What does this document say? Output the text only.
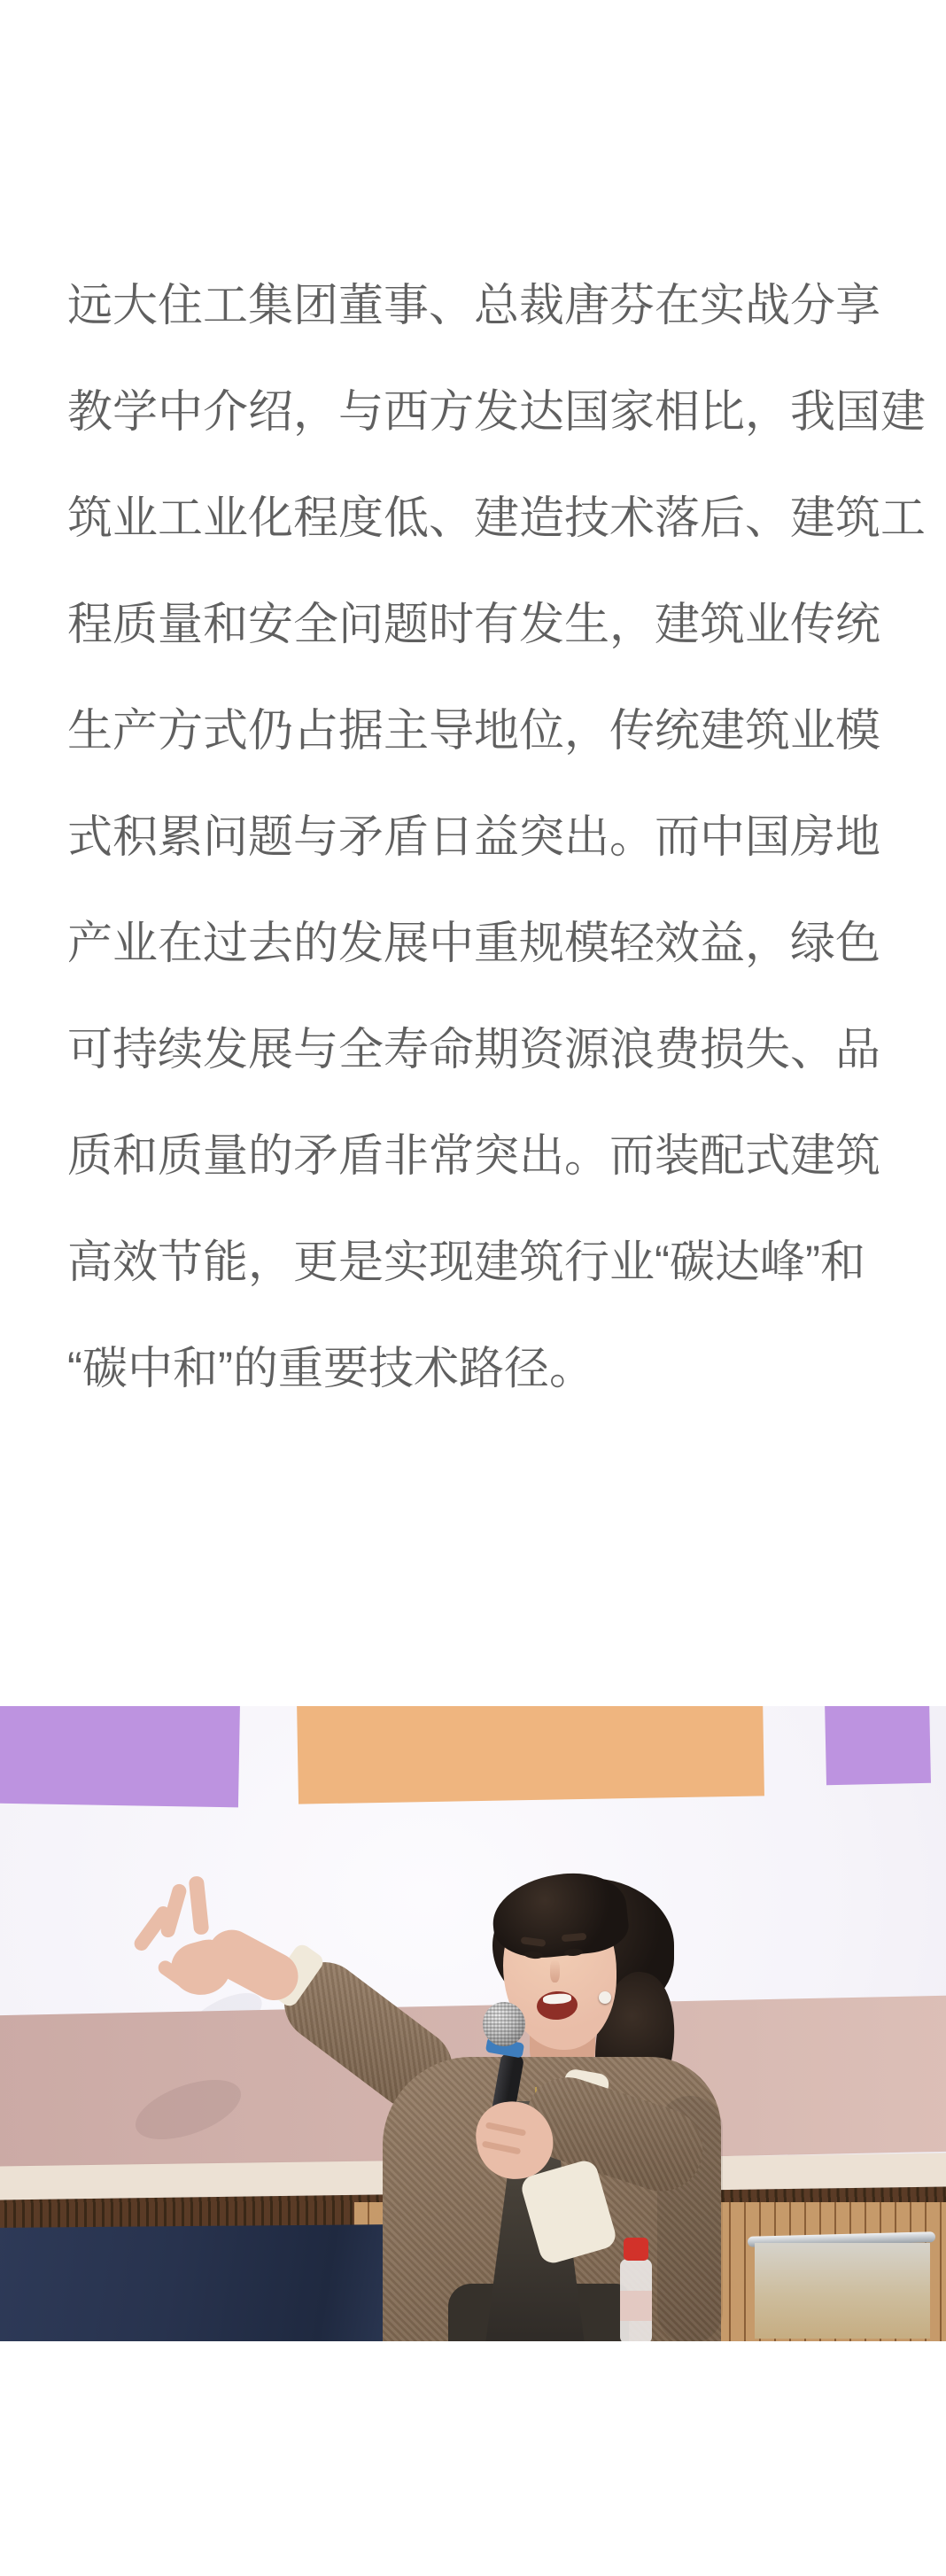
远大住工集团董事、总裁唐芬在实战分享
教学中介绍，与西方发达国家相比，我国建
筑业工业化程度低、建造技术落后、建筑工
程质量和安全问题时有发生，建筑业传统
生产方式仍占据主导地位，传统建筑业模
式积累问题与矛盾日益突出。而中国房地
产业在过去的发展中重规模轻效益，绿色
可持续发展与全寿命期资源浪费损失、品
质和质量的矛盾非常突出。而装配式建筑
高效节能，更是实现建筑行业“碳达峰”和
“碳中和”的重要技术路径。
